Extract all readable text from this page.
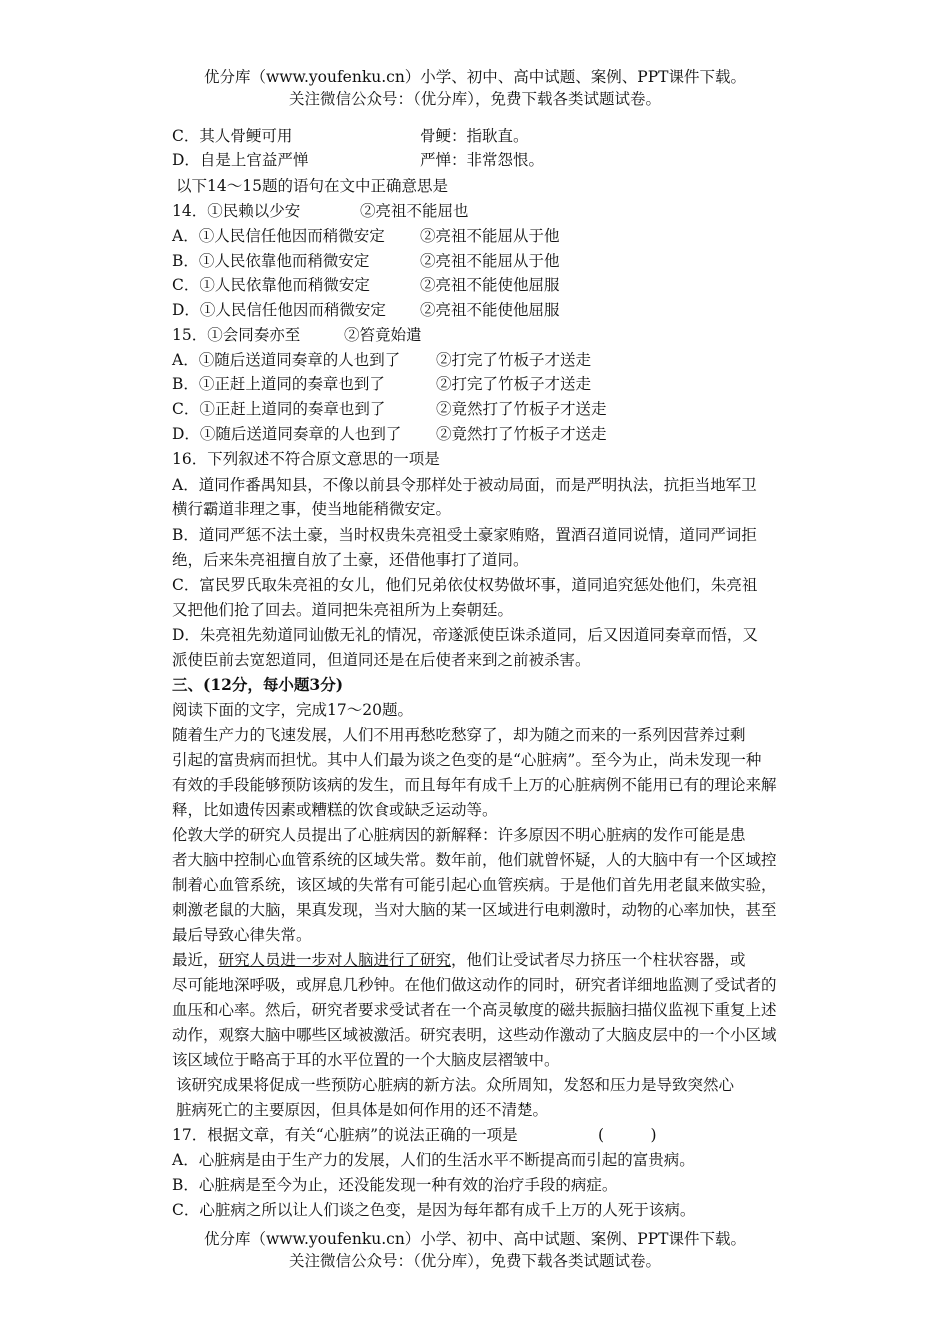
优分库（www.youfenku.cn）小学、初中、高中试题、案例、PPT课件下载。
关注微信公众号：（优分库），免费下载各类试题试卷。
C．其人骨鲠可用	骨鲠：指耿直。
D．自是上官益严惮	严惮：非常怨恨。
以下14～15题的语句在文中正确意思是
14．①民赖以少安	②亮祖不能屈也
A．①人民信任他因而稍微安定 ②亮祖不能屈从于他
B．①人民依靠他而稍微安定	②亮祖不能屈从于他
C．①人民依靠他而稍微安定	②亮祖不能使他屈服
D．①人民信任他因而稍微安定 ②亮祖不能使他屈服
15．①会同奏亦至	②笞竟始遣
A．①随后送道同奏章的人也到了 ②打完了竹板子才送走
B．①正赶上道同的奏章也到了	②打完了竹板子才送走
C．①正赶上道同的奏章也到了	②竟然打了竹板子才送走
D．①随后送道同奏章的人也到了 ②竟然打了竹板子才送走
16．下列叙述不符合原文意思的一项是
A．道同作番禺知县，不像以前县令那样处于被动局面，而是严明执法，抗拒当地军卫
横行霸道非理之事，使当地能稍微安定。
B．道同严惩不法土豪，当时权贵朱亮祖受土豪家贿赂，置酒召道同说情，道同严词拒
绝，后来朱亮祖擅自放了土豪，还借他事打了道同。
C．富民罗氏取朱亮祖的女儿，他们兄弟依仗权势做坏事，道同追究惩处他们，朱亮祖
又把他们抢了回去。道同把朱亮祖所为上奏朝廷。
D．朱亮祖先劾道同讪傲无礼的情况，帝遂派使臣诛杀道同，后又因道同奏章而悟，又
派使臣前去宽恕道同，但道同还是在后使者来到之前被杀害。
三、(12分，每小题3分)
阅读下面的文字，完成17～20题。
随着生产力的飞速发展，人们不用再愁吃愁穿了，却为随之而来的一系列因营养过剩
引起的富贵病而担忧。其中人们最为谈之色变的是“心脏病”。至今为止，尚未发现一种
有效的手段能够预防该病的发生，而且每年有成千上万的心脏病例不能用已有的理论来解
释，比如遗传因素或糟糕的饮食或缺乏运动等。
伦敦大学的研究人员提出了心脏病因的新解释：许多原因不明心脏病的发作可能是患
者大脑中控制心血管系统的区域失常。数年前，他们就曾怀疑，人的大脑中有一个区域控
制着心血管系统，该区域的失常有可能引起心血管疾病。于是他们首先用老鼠来做实验，
刺激老鼠的大脑，果真发现，当对大脑的某一区域进行电刺激时，动物的心率加快，甚至
最后导致心律失常。
最近，研究人员进一步对人脑进行了研究，他们让受试者尽力挤压一个柱状容器，或
尽可能地深呼吸，或屏息几秒钟。在他们做这动作的同时，研究者详细地监测了受试者的
血压和心率。然后，研究者要求受试者在一个高灵敏度的磁共振脑扫描仪监视下重复上述
动作，观察大脑中哪些区域被激活。研究表明，这些动作激动了大脑皮层中的一个小区域
该区域位于略高于耳的水平位置的一个大脑皮层褶皱中。
该研究成果将促成一些预防心脏病的新方法。众所周知，发怒和压力是导致突然心
脏病死亡的主要原因，但具体是如何作用的还不清楚。
17．根据文章，有关“心脏病”的说法正确的一项是	(　　　)
A．心脏病是由于生产力的发展，人们的生活水平不断提高而引起的富贵病。
B．心脏病是至今为止，还没能发现一种有效的治疗手段的病症。
C．心脏病之所以让人们谈之色变，是因为每年都有成千上万的人死于该病。
优分库（www.youfenku.cn）小学、初中、高中试题、案例、PPT课件下载。
关注微信公众号：（优分库），免费下载各类试题试卷。
